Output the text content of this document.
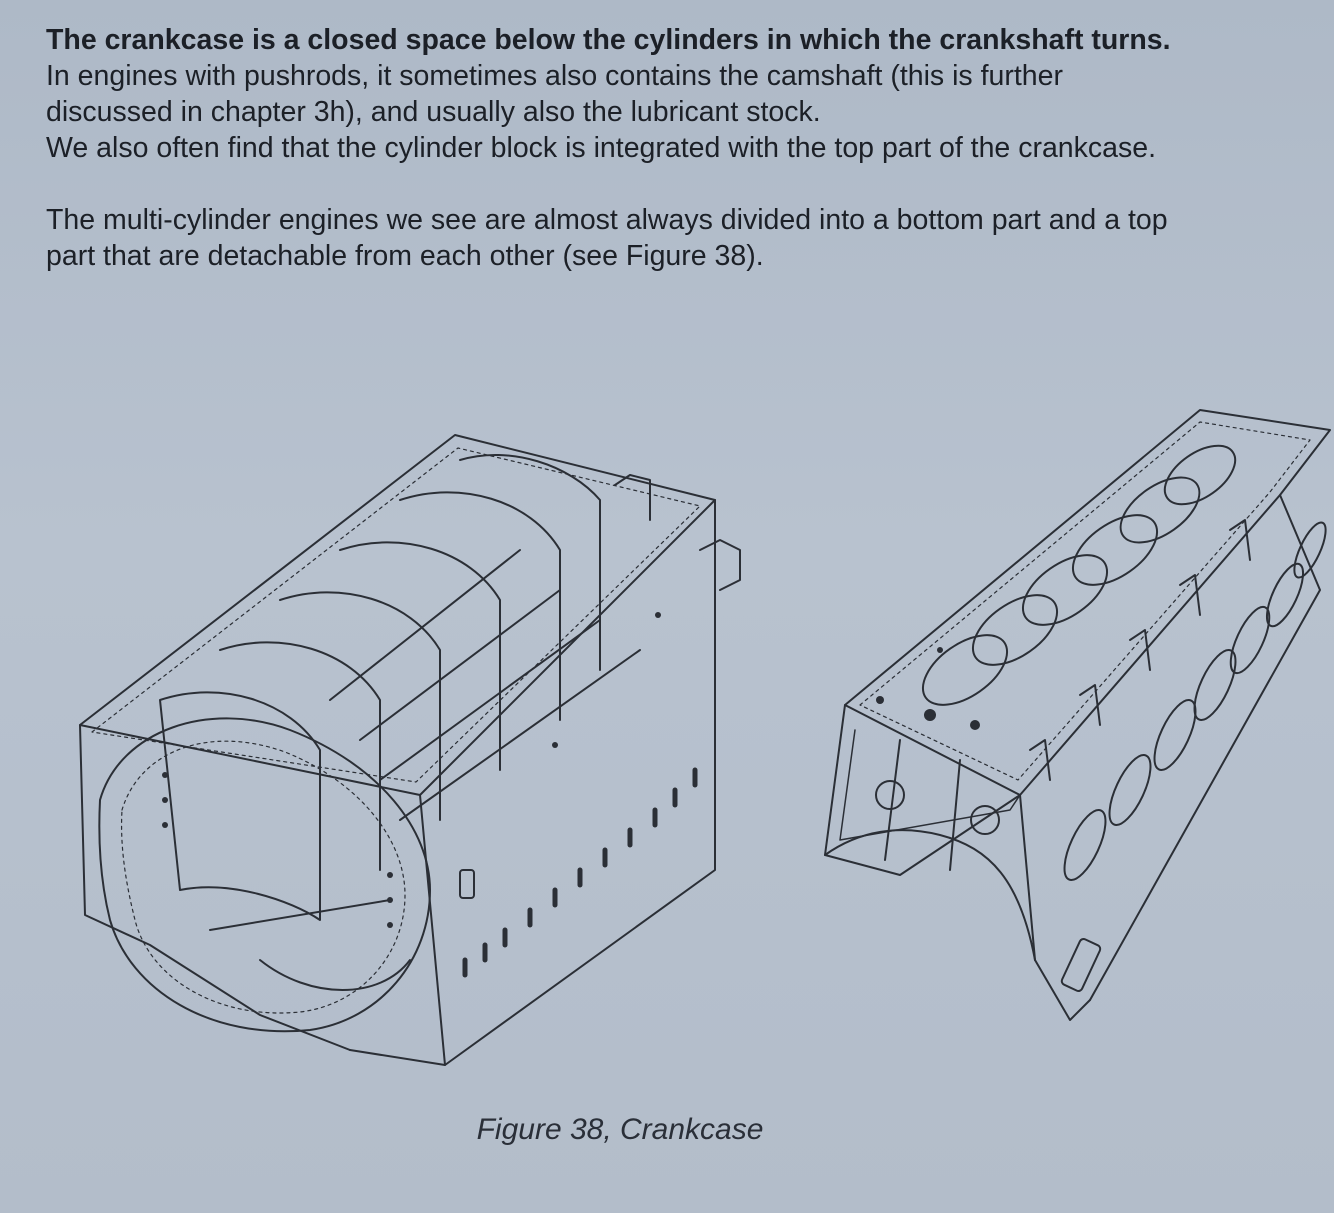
The crankcase is a closed space below the cylinders in which the crankshaft turns.

In engines with pushrods, it sometimes also contains the camshaft (this is further discussed in chapter 3h), and usually also the lubricant stock.

We also often find that the cylinder block is integrated with the top part of the crankcase.

The multi-cylinder engines we see are almost always divided into a bottom part and a top part that are detachable from each other (see Figure 38).

Figure 38, Crankcase
